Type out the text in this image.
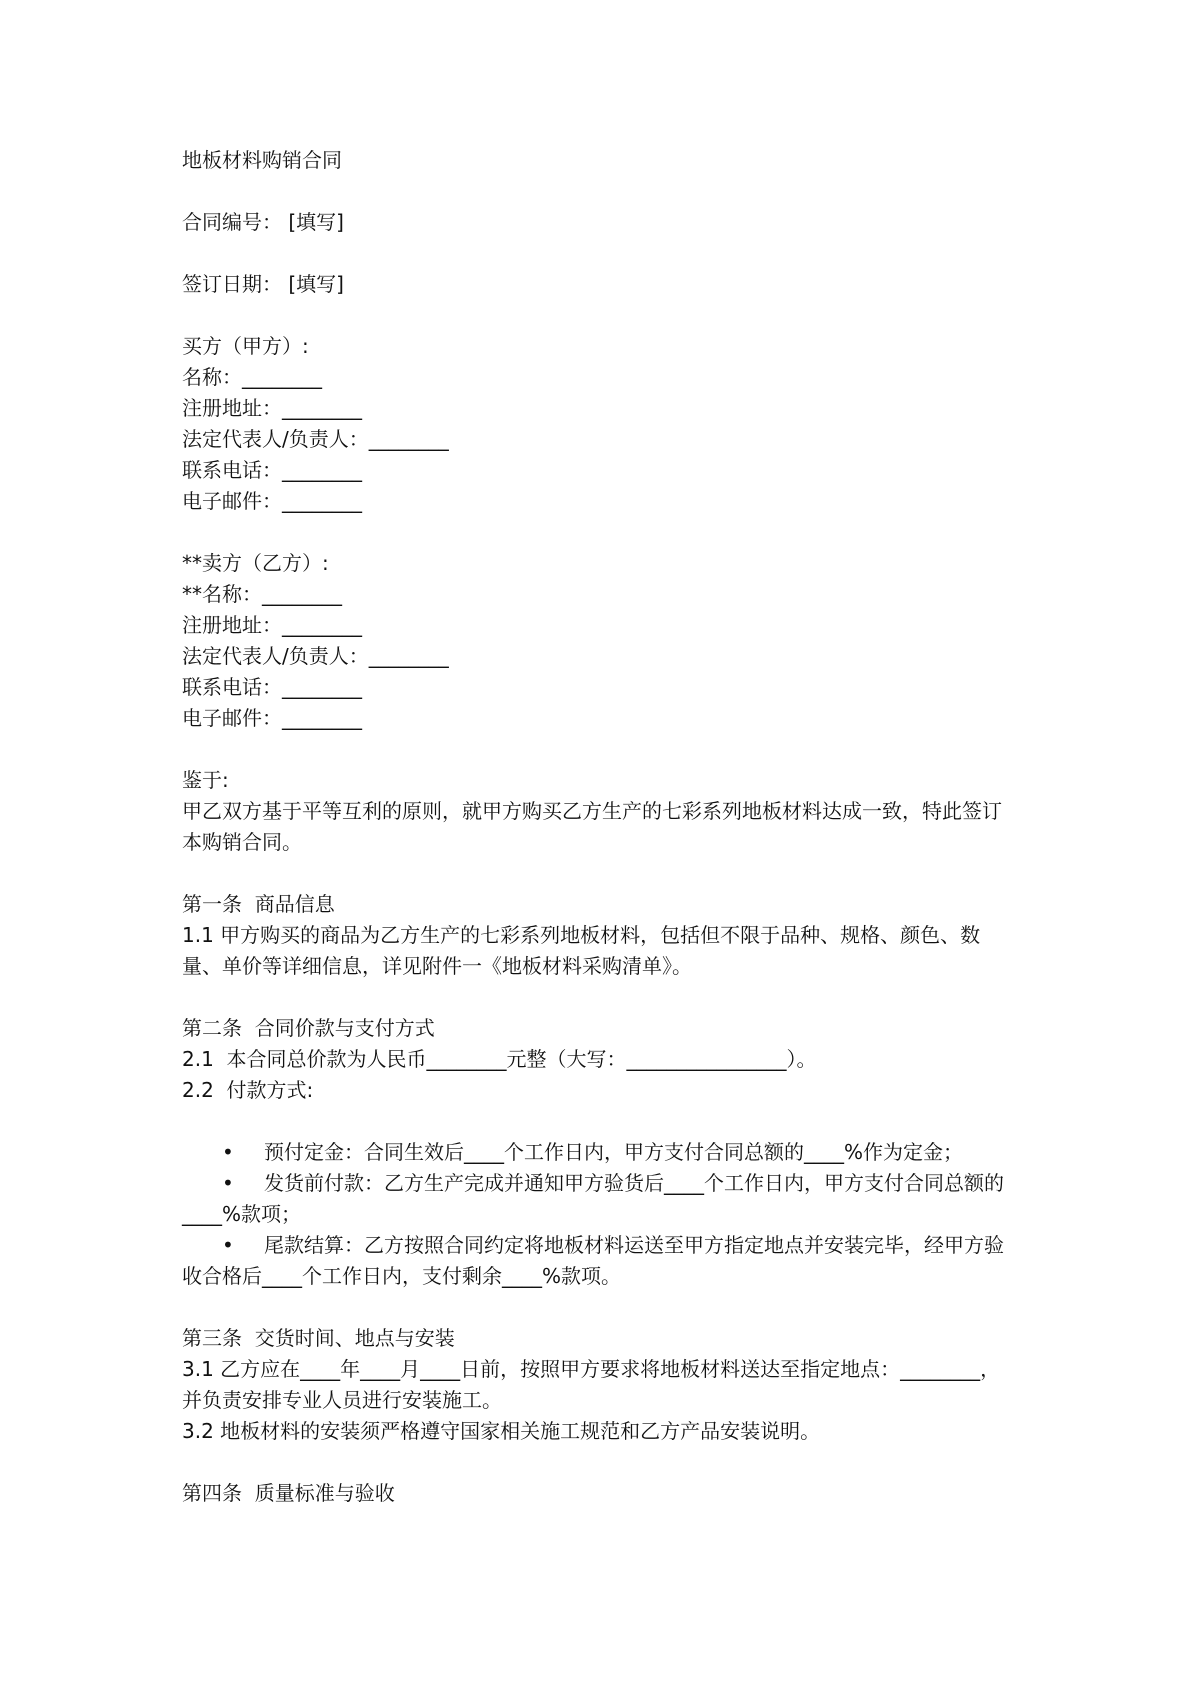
地板材料购销合同

合同编号： [填写]

签订日期： [填写]

买方（甲方）:

名称：________

注册地址：________

法定代表人/负责人：________

联系电话：________

电子邮件：________

**卖方（乙方）:

**名称：________

注册地址：________

法定代表人/负责人：________

联系电话：________

电子邮件：________

鉴于:

甲乙双方基于平等互利的原则，就甲方购买乙方生产的七彩系列地板材料达成一致，特此签订本购销合同。

第一条  商品信息

1.1 甲方购买的商品为乙方生产的七彩系列地板材料，包括但不限于品种、规格、颜色、数量、单价等详细信息，详见附件一《地板材料采购清单》。

第二条  合同价款与支付方式

2.1  本合同总价款为人民币________元整（大写：________________）。

2.2  付款方式:

• 预付定金：合同生效后____个工作日内，甲方支付合同总额的____%作为定金；

• 发货前付款：乙方生产完成并通知甲方验货后____个工作日内，甲方支付合同总额的____%款项；

• 尾款结算：乙方按照合同约定将地板材料运送至甲方指定地点并安装完毕，经甲方验收合格后____个工作日内，支付剩余____%款项。

第三条  交货时间、地点与安装

3.1 乙方应在____年____月____日前，按照甲方要求将地板材料送达至指定地点：________，并负责安排专业人员进行安装施工。

3.2 地板材料的安装须严格遵守国家相关施工规范和乙方产品安装说明。

第四条  质量标准与验收
